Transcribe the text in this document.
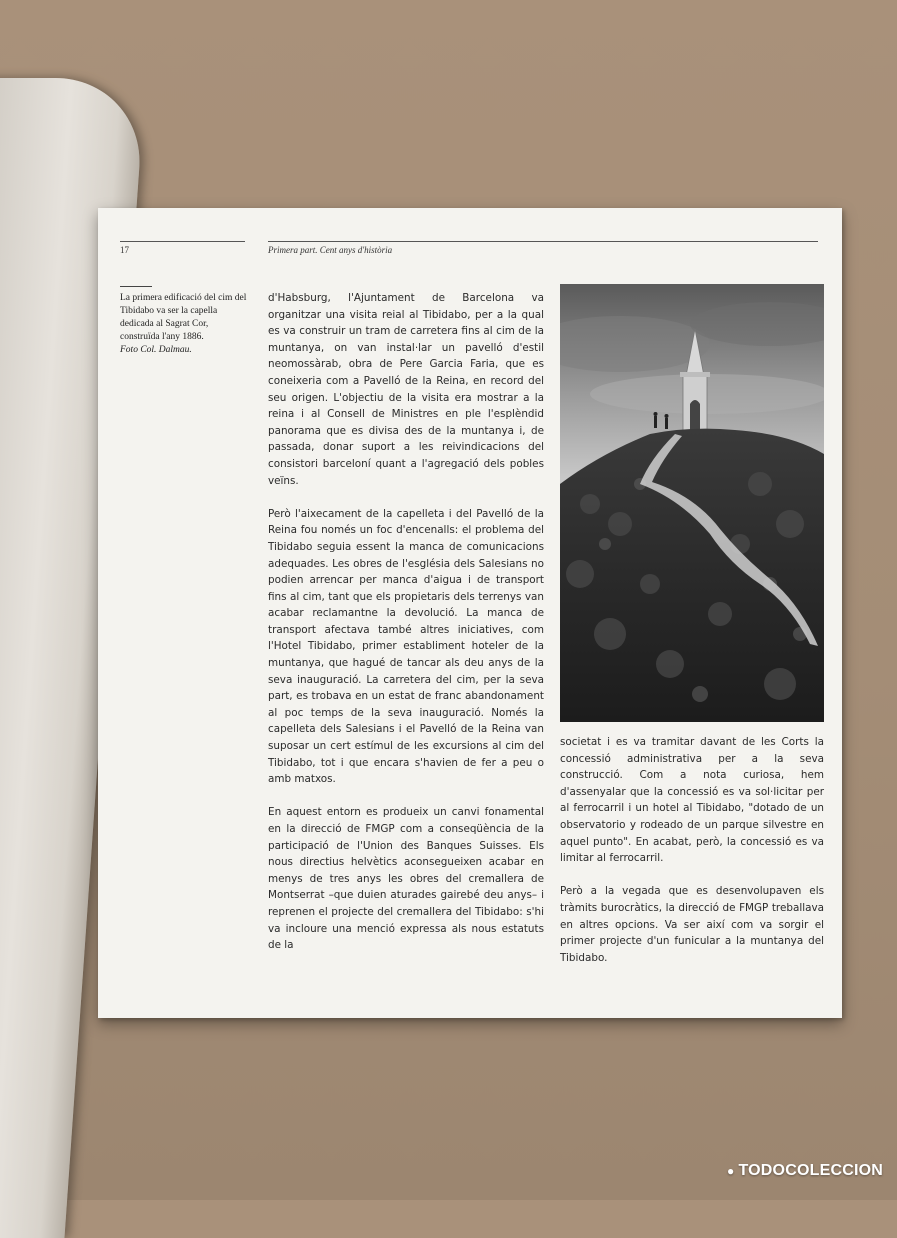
17	Primera part. Cent anys d'història
La primera edificació del cim del Tibidabo va ser la capella dedicada al Sagrat Cor, construïda l'any 1886.
Foto Col. Dalmau.

d'Habsburg, l'Ajuntament de Barcelona va organitzar una visita reial al Tibidabo, per a la qual es va construir un tram de carretera fins al cim de la muntanya, on van instal·lar un pavelló d'estil neomossàrab, obra de Pere Garcia Faria, que es coneixeria com a Pavelló de la Reina, en record del seu origen. L'objectiu de la visita era mostrar a la reina i al Consell de Ministres en ple l'esplèndid panorama que es divisa des de la muntanya i, de passada, donar suport a les reivindicacions del consistori barceloní quant a l'agregació dels pobles veïns.

Però l'aixecament de la capelleta i del Pavelló de la Reina fou només un foc d'encenalls: el problema del Tibidabo seguia essent la manca de comunicacions adequades. Les obres de l'església dels Salesians no podien arrencar per manca d'aigua i de transport fins al cim, tant que els propietaris dels terrenys van acabar reclamantne la devolució. La manca de transport afectava també altres iniciatives, com l'Hotel Tibidabo, primer establiment hoteler de la muntanya, que hagué de tancar als deu anys de la seva inauguració. La carretera del cim, per la seva part, es trobava en un estat de franc abandonament al poc temps de la seva inauguració. Només la capelleta dels Salesians i el Pavelló de la Reina van suposar un cert estímul de les excursions al cim del Tibidabo, tot i que encara s'havien de fer a peu o amb matxos.

En aquest entorn es produeix un canvi fonamental en la direcció de FMGP com a conseqüència de la participació de l'Union des Banques Suisses. Els nous directius helvètics aconsegueixen acabar en menys de tres anys les obres del cremallera de Montserrat –que duien aturades gairebé deu anys– i reprenen el projecte del cremallera del Tibidabo: s'hi va incloure una menció expressa als nous estatuts de la

societat i es va tramitar davant de les Corts la concessió administrativa per a la seva construcció. Com a nota curiosa, hem d'assenyalar que la concessió es va sol·licitar per al ferrocarril i un hotel al Tibidabo, "dotado de un observatorio y rodeado de un parque silvestre en aquel punto". En acabat, però, la concessió es va limitar al ferrocarril.

Però a la vegada que es desenvolupaven els tràmits burocràtics, la direcció de FMGP treballava en altres opcions. Va ser així com va sorgir el primer projecte d'un funicular a la muntanya del Tibidabo.

● TODOCOLECCION
